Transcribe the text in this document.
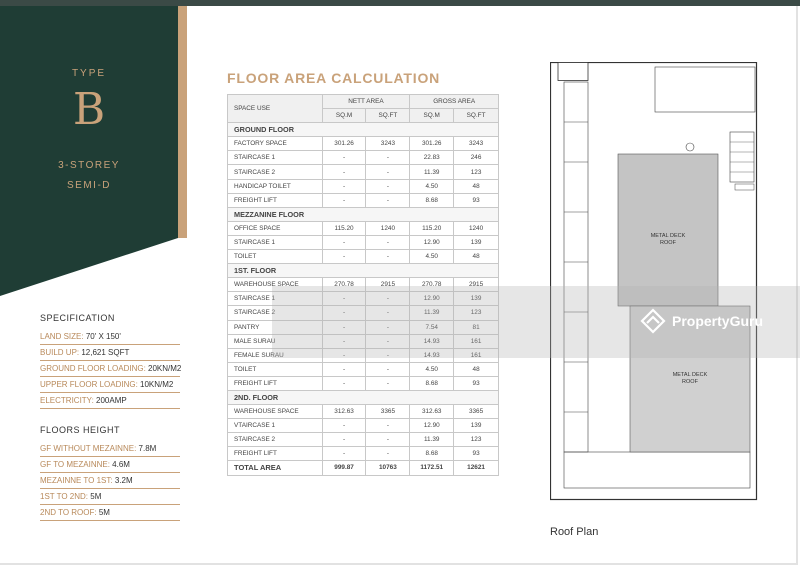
TYPE
B
3-STOREY
SEMI-D
SPECIFICATION
LAND SIZE: 70' X 150'
BUILD UP: 12,621 SQFT
GROUND FLOOR LOADING: 20KN/M2
UPPER FLOOR LOADING: 10KN/M2
ELECTRICITY: 200AMP
FLOORS HEIGHT
GF WITHOUT MEZAINNE: 7.8M
GF TO MEZAINNE: 4.6M
MEZAINNE TO 1ST: 3.2M
1ST TO 2ND: 5M
2ND TO ROOF: 5M
FLOOR AREA CALCULATION
SPACE USE	NETT AREA		GROSS AREA	
	SQ.M	SQ.FT	SQ.M	SQ.FT
GROUND FLOOR				
FACTORY SPACE	301.26	3243	301.26	3243
STAIRCASE 1	-	-	22.83	246
STAIRCASE 2	-	-	11.39	123
HANDICAP TOILET	-	-	4.50	48
FREIGHT LIFT	-	-	8.68	93
MEZZANINE FLOOR				
OFFICE SPACE	115.20	1240	115.20	1240
STAIRCASE 1	-	-	12.90	139
TOILET	-	-	4.50	48
1ST. FLOOR				
WAREHOUSE SPACE	270.78	2915	270.78	2915
STAIRCASE 1	-	-	12.90	139
STAIRCASE 2	-	-	11.39	123
PANTRY	-	-	7.54	81
MALE SURAU	-	-	14.93	161
FEMALE SURAU	-	-	14.93	161
TOILET	-	-	4.50	48
FREIGHT LIFT	-	-	8.68	93
2ND. FLOOR				
WAREHOUSE SPACE	312.63	3365	312.63	3365
VTAIRCASE 1	-	-	12.90	139
STAIRCASE 2	-	-	11.39	123
FREIGHT LIFT	-	-	8.68	93
TOTAL AREA	999.87	10763	1172.51	12621
METAL DECK ROOF
METAL DECK ROOF
Roof Plan
PropertyGuru
